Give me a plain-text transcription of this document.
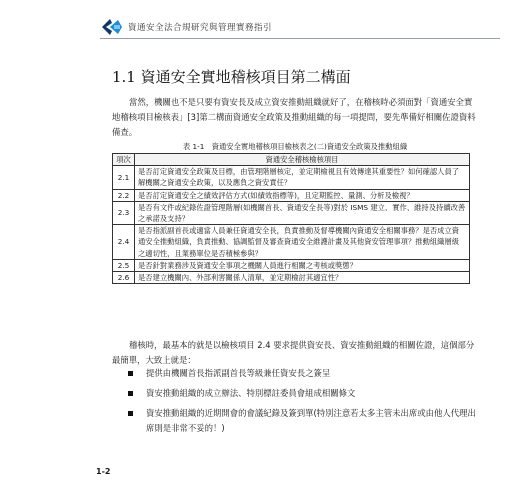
資通安全法合規研究與管理實務指引
1.1 資通安全實地稽核項目第二構面

當然，機關也不是只要有資安長及成立資安推動組織就好了，在稽核時必須面對「資通安全實地稽核項目檢核表」[3]第二構面資通安全政策及推動組織的每一項提問，要先準備好相關佐證資料備查。

表 1-1　資通安全實地稽核項目檢核表之(二)資通安全政策及推動組織
項次	資通安全稽核檢核項目
2.1	是否訂定資通安全政策及目標，由管理階層核定，並定期檢視且有效傳達其重要性？如何確認人員了解機關之資通安全政策，以及應負之資安責任？
2.2	是否訂定資通安全之績效評估方式(如績效指標等)，且定期監控、量測、分析及檢視？
2.3	是否有文件或紀錄佐證管理階層(如機關首長、資通安全長等)對於 ISMS 建立、實作、維持及持續改善之承諾及支持？
2.4	是否指派副首長或適當人員兼任資通安全長，負責推動及督導機關內資通安全相關事務？是否成立資通安全推動組織，負責推動、協調監督及審查資通安全維護計畫及其他資安管理事項？推動組織層級之適切性，且業務單位是否積極參與？
2.5	是否針對業務涉及資通安全事項之機關人員進行相關之考核或獎懲？
2.6	是否建立機關內、外部利害關係人清單，並定期檢討其適宜性？

稽核時，最基本的就是以檢核項目 2.4 要求提供資安長、資安推動組織的相關佐證，這個部分最簡單，大致上就是：

提供由機關首長指派副首長等級兼任資安長之簽呈
資安推動組織的成立辦法、特別標註委員會組成相關條文
資安推動組織的近期開會的會議紀錄及簽到單(特別注意若太多主管未出席或由他人代理出席則是非常不妥的！)
1-2
